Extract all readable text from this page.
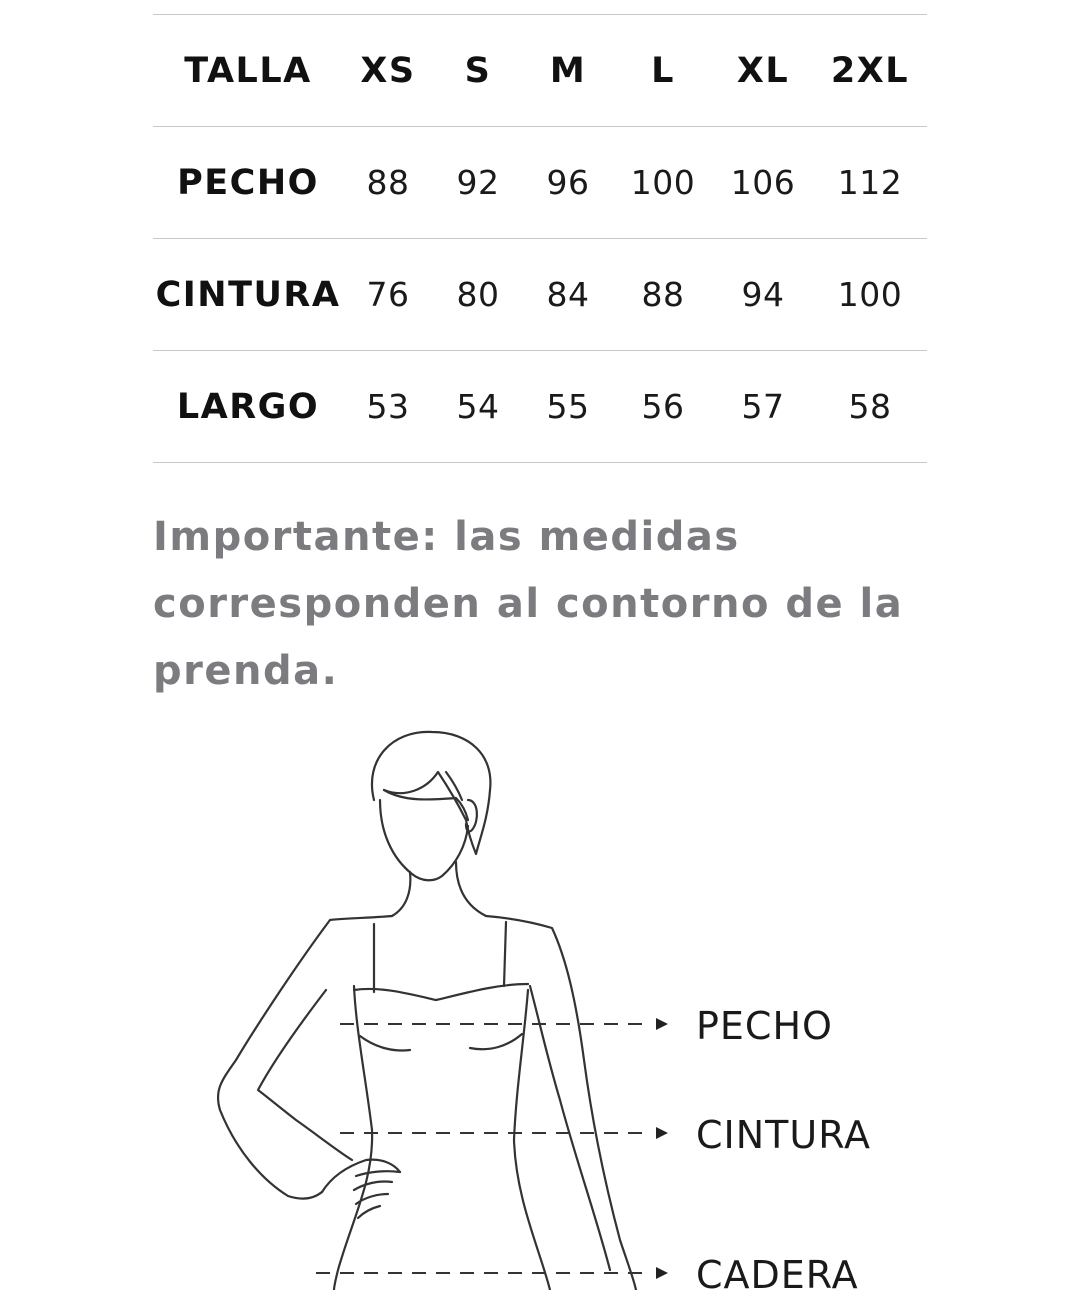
TALLA	XS	S	M	L	XL	2XL
PECHO	88	92	96	100	106	112
CINTURA	76	80	84	88	94	100
LARGO	53	54	55	56	57	58

Importante: las medidas corresponden al contorno de la prenda.

PECHO
CINTURA
CADERA
